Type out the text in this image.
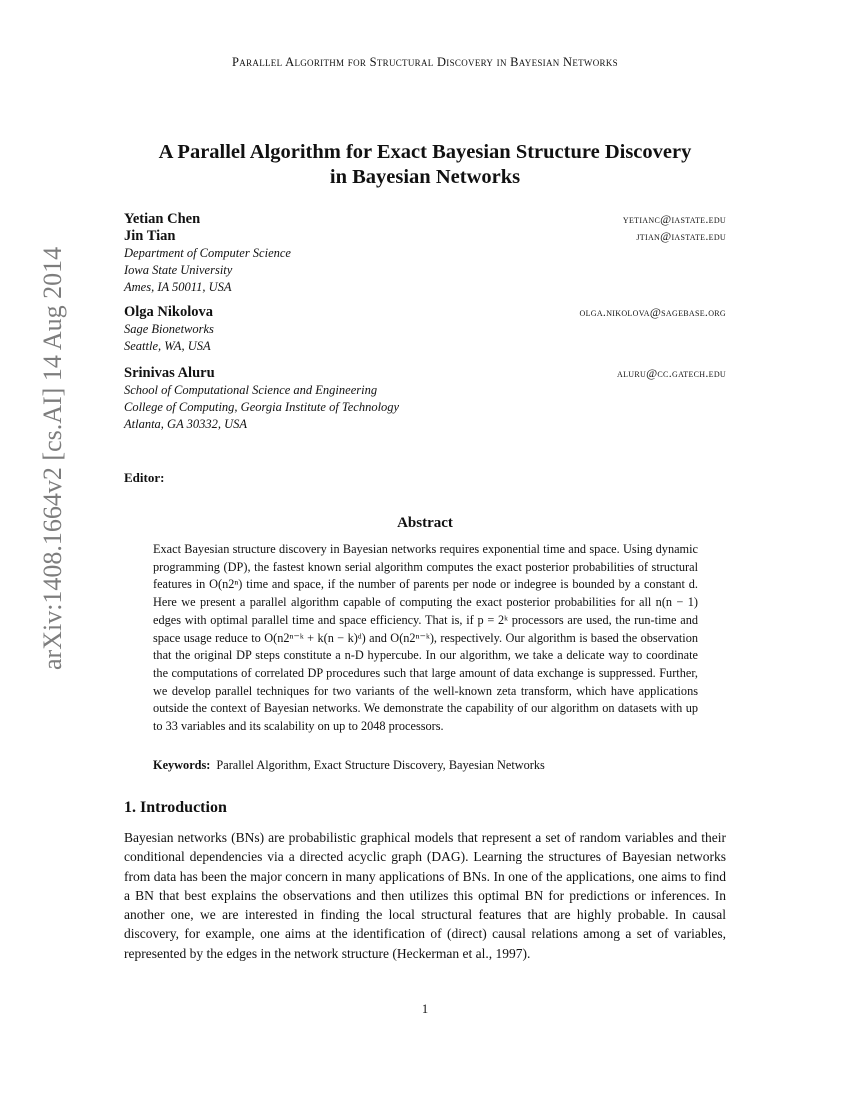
Parallel Algorithm for Structural Discovery in Bayesian Networks
A Parallel Algorithm for Exact Bayesian Structure Discovery
in Bayesian Networks
Yetian Chen	yetianc@iastate.edu
Jin Tian	jtian@iastate.edu
Department of Computer Science
Iowa State University
Ames, IA 50011, USA
Olga Nikolova	olga.nikolova@sagebase.org
Sage Bionetworks
Seattle, WA, USA
Srinivas Aluru	aluru@cc.gatech.edu
School of Computational Science and Engineering
College of Computing, Georgia Institute of Technology
Atlanta, GA 30332, USA
Editor:
Abstract
Exact Bayesian structure discovery in Bayesian networks requires exponential time and space. Using dynamic programming (DP), the fastest known serial algorithm computes the exact posterior probabilities of structural features in O(n2ⁿ) time and space, if the number of parents per node or indegree is bounded by a constant d. Here we present a parallel algorithm capable of computing the exact posterior probabilities for all n(n − 1) edges with optimal parallel time and space efficiency. That is, if p = 2ᵏ processors are used, the run-time and space usage reduce to O(n2ⁿ⁻ᵏ + k(n − k)ᵈ) and O(n2ⁿ⁻ᵏ), respectively. Our algorithm is based the observation that the original DP steps constitute a n-D hypercube. In our algorithm, we take a delicate way to coordinate the computations of correlated DP procedures such that large amount of data exchange is suppressed. Further, we develop parallel techniques for two variants of the well-known zeta transform, which have applications outside the context of Bayesian networks. We demonstrate the capability of our algorithm on datasets with up to 33 variables and its scalability on up to 2048 processors.
Keywords: Parallel Algorithm, Exact Structure Discovery, Bayesian Networks
1. Introduction
Bayesian networks (BNs) are probabilistic graphical models that represent a set of random variables and their conditional dependencies via a directed acyclic graph (DAG). Learning the structures of Bayesian networks from data has been the major concern in many applications of BNs. In one of the applications, one aims to find a BN that best explains the observations and then utilizes this optimal BN for predictions or inferences. In another one, we are interested in finding the local structural features that are highly probable. In causal discovery, for example, one aims at the identification of (direct) causal relations among a set of variables, represented by the edges in the network structure (Heckerman et al., 1997).
1
arXiv:1408.1664v2 [cs.AI] 14 Aug 2014
